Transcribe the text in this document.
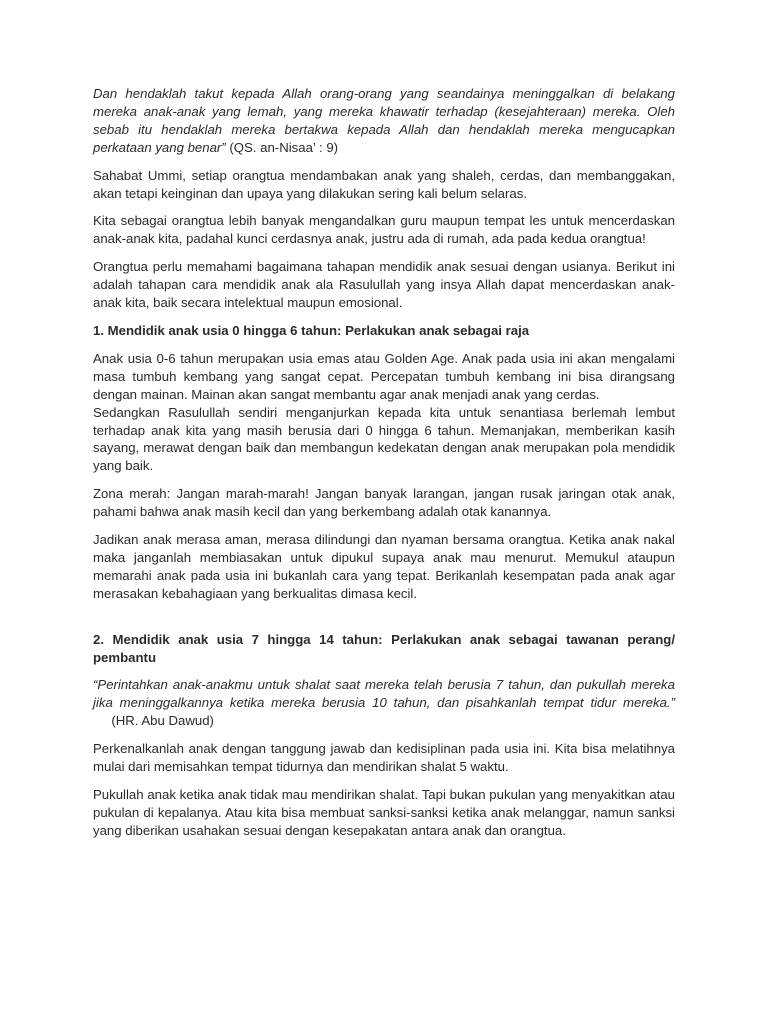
Dan hendaklah takut kepada Allah orang-orang yang seandainya meninggalkan di belakang mereka anak-anak yang lemah, yang mereka khawatir terhadap (kesejahteraan) mereka. Oleh sebab itu hendaklah mereka bertakwa kepada Allah dan hendaklah mereka mengucapkan perkataan yang benar” (QS. an-Nisaa’ : 9)

Sahabat Ummi, setiap orangtua mendambakan anak yang shaleh, cerdas, dan membanggakan, akan tetapi keinginan dan upaya yang dilakukan sering kali belum selaras.

Kita sebagai orangtua lebih banyak mengandalkan guru maupun tempat les untuk mencerdaskan anak-anak kita, padahal kunci cerdasnya anak, justru ada di rumah, ada pada kedua orangtua!

Orangtua perlu memahami bagaimana tahapan mendidik anak sesuai dengan usianya. Berikut ini adalah tahapan cara mendidik anak ala Rasulullah yang insya Allah dapat mencerdaskan anak-anak kita, baik secara intelektual maupun emosional.

1. Mendidik anak usia 0 hingga 6 tahun: Perlakukan anak sebagai raja

Anak usia 0-6 tahun merupakan usia emas atau Golden Age. Anak pada usia ini akan mengalami masa tumbuh kembang yang sangat cepat. Percepatan tumbuh kembang ini bisa dirangsang dengan mainan. Mainan akan sangat membantu agar anak menjadi anak yang cerdas.

Sedangkan Rasulullah sendiri menganjurkan kepada kita untuk senantiasa berlemah lembut terhadap anak kita yang masih berusia dari 0 hingga 6 tahun. Memanjakan, memberikan kasih sayang, merawat dengan baik dan membangun kedekatan dengan anak merupakan pola mendidik yang baik.

Zona merah: Jangan marah-marah! Jangan banyak larangan, jangan rusak jaringan otak anak, pahami bahwa anak masih kecil dan yang berkembang adalah otak kanannya.

Jadikan anak merasa aman, merasa dilindungi dan nyaman bersama orangtua. Ketika anak nakal maka janganlah membiasakan untuk dipukul supaya anak mau menurut. Memukul ataupun memarahi anak pada usia ini bukanlah cara yang tepat. Berikanlah kesempatan pada anak agar merasakan kebahagiaan yang berkualitas dimasa kecil.

2. Mendidik anak usia 7 hingga 14 tahun: Perlakukan anak sebagai tawanan perang/ pembantu

“Perintahkan anak-anakmu untuk shalat saat mereka telah berusia 7 tahun, dan pukullah mereka jika meninggalkannya ketika mereka berusia 10 tahun, dan pisahkanlah tempat tidur mereka.”     (HR. Abu Dawud)

Perkenalkanlah anak dengan tanggung jawab dan kedisiplinan pada usia ini. Kita bisa melatihnya mulai dari memisahkan tempat tidurnya dan mendirikan shalat 5 waktu.

Pukullah anak ketika anak tidak mau mendirikan shalat. Tapi bukan pukulan yang menyakitkan atau pukulan di kepalanya. Atau kita bisa membuat sanksi-sanksi ketika anak melanggar, namun sanksi yang diberikan usahakan sesuai dengan kesepakatan antara anak dan orangtua.
